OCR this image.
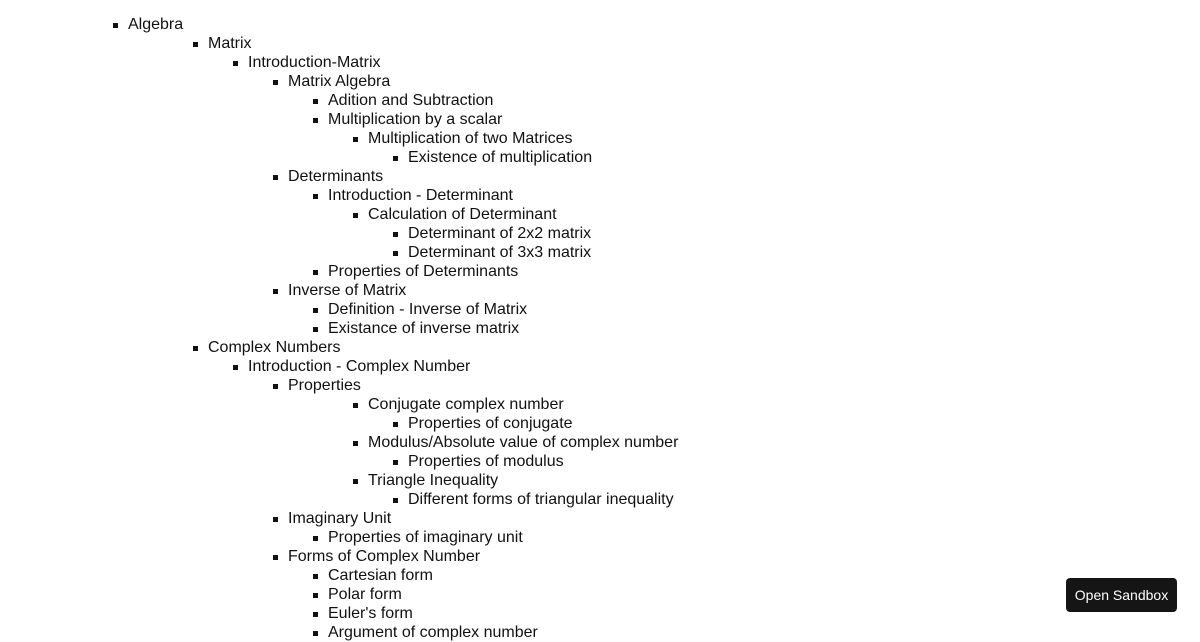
Algebra
Matrix
Introduction-Matrix
Matrix Algebra
Adition and Subtraction
Multiplication by a scalar
Multiplication of two Matrices
Existence of multiplication
Determinants
Introduction - Determinant
Calculation of Determinant
Determinant of 2x2 matrix
Determinant of 3x3 matrix
Properties of Determinants
Inverse of Matrix
Definition - Inverse of Matrix
Existance of inverse matrix
Complex Numbers
Introduction - Complex Number
Properties
Conjugate complex number
Properties of conjugate
Modulus/Absolute value of complex number
Properties of modulus
Triangle Inequality
Different forms of triangular inequality
Imaginary Unit
Properties of imaginary unit
Forms of Complex Number
Cartesian form
Polar form
Euler's form
Argument of complex number
Open Sandbox
